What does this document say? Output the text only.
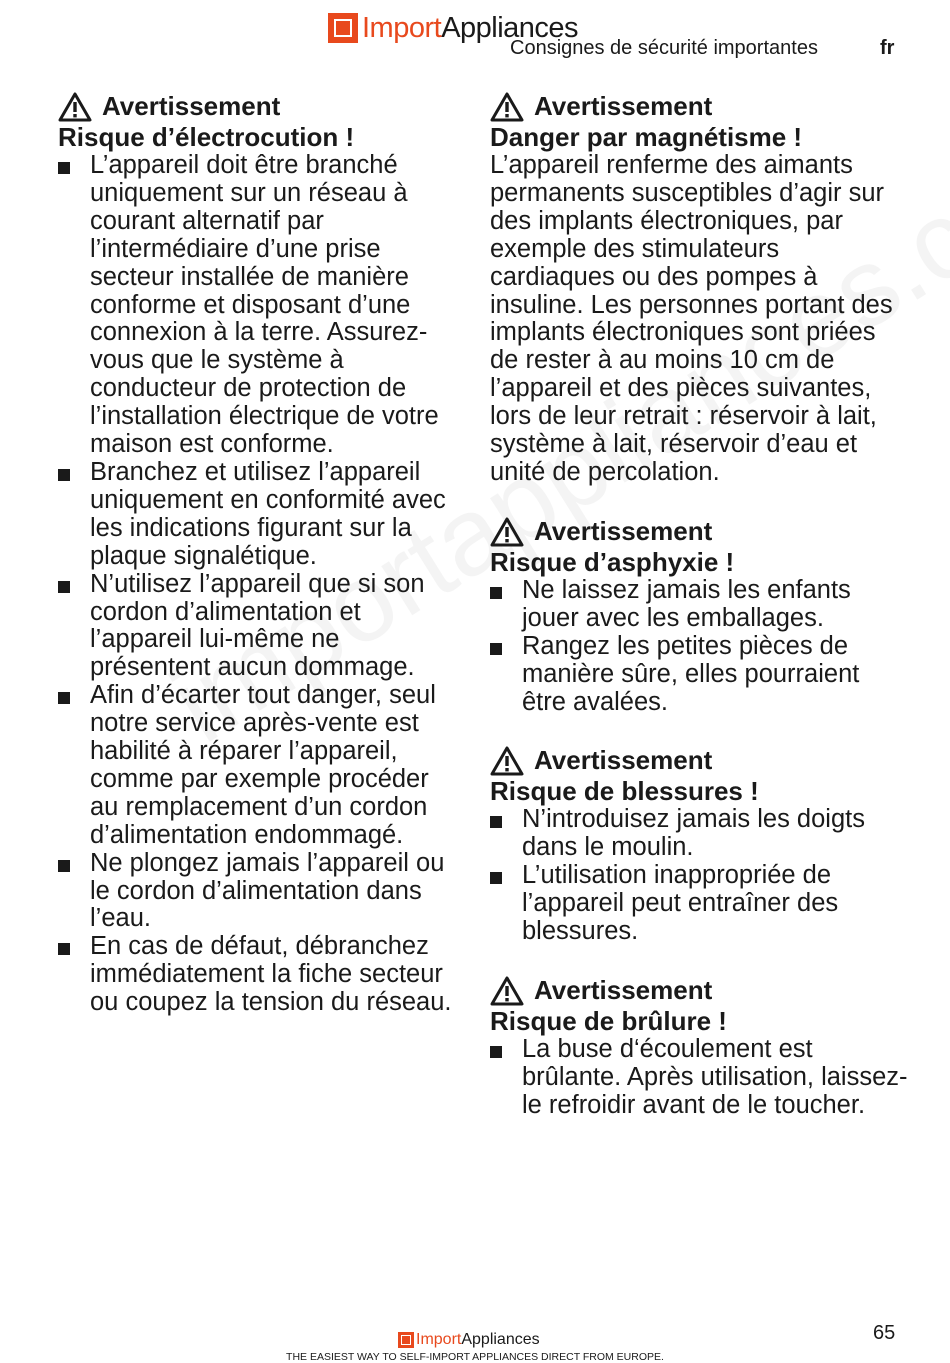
Import Appliances
Consignes de sécurité importantes	fr
Avertissement
Risque d’électrocution !
L’appareil doit être branché uniquement sur un réseau à courant alternatif par l’intermédiaire d’une prise secteur installée de manière conforme et disposant d’une connexion à la terre. Assurez-vous que le système à conducteur de protection de l’installation électrique de votre maison est conforme.
Branchez et utilisez l’appareil uniquement en conformité avec les indications figurant sur la plaque signalétique.
N’utilisez l’appareil que si son cordon d’alimentation et l’appareil lui-même ne présentent aucun dommage.
Afin d’écarter tout danger, seul notre service après-vente est habilité à réparer l’appareil, comme par exemple procéder au remplacement d’un cordon d’alimentation endommagé.
Ne plongez jamais l’appareil ou le cordon d’alimentation dans l’eau.
En cas de défaut, débranchez immédiatement la fiche secteur ou coupez la tension du réseau.
Avertissement
Danger par magnétisme !

L’appareil renferme des aimants permanents susceptibles d’agir sur des implants électroniques, par exemple des stimulateurs cardiaques ou des pompes à insuline. Les personnes portant des implants électroniques sont priées de rester à au moins 10 cm de l’appareil et des pièces suivantes, lors de leur retrait : réservoir à lait, système à lait, réservoir d’eau et unité de percolation.

Avertissement
Risque d’asphyxie !
Ne laissez jamais les enfants jouer avec les emballages.
Rangez les petites pièces de manière sûre, elles pourraient être avalées.
Avertissement
Risque de blessures !
N’introduisez jamais les doigts dans le moulin.
L’utilisation inappropriée de l’appareil peut entraîner des blessures.
Avertissement
Risque de brûlure !
La buse d‘écoulement est brûlante. Après utilisation, laissez-le refroidir avant de le toucher.
65
Import Appliances
THE EASIEST WAY TO SELF-IMPORT APPLIANCES DIRECT FROM EUROPE.
